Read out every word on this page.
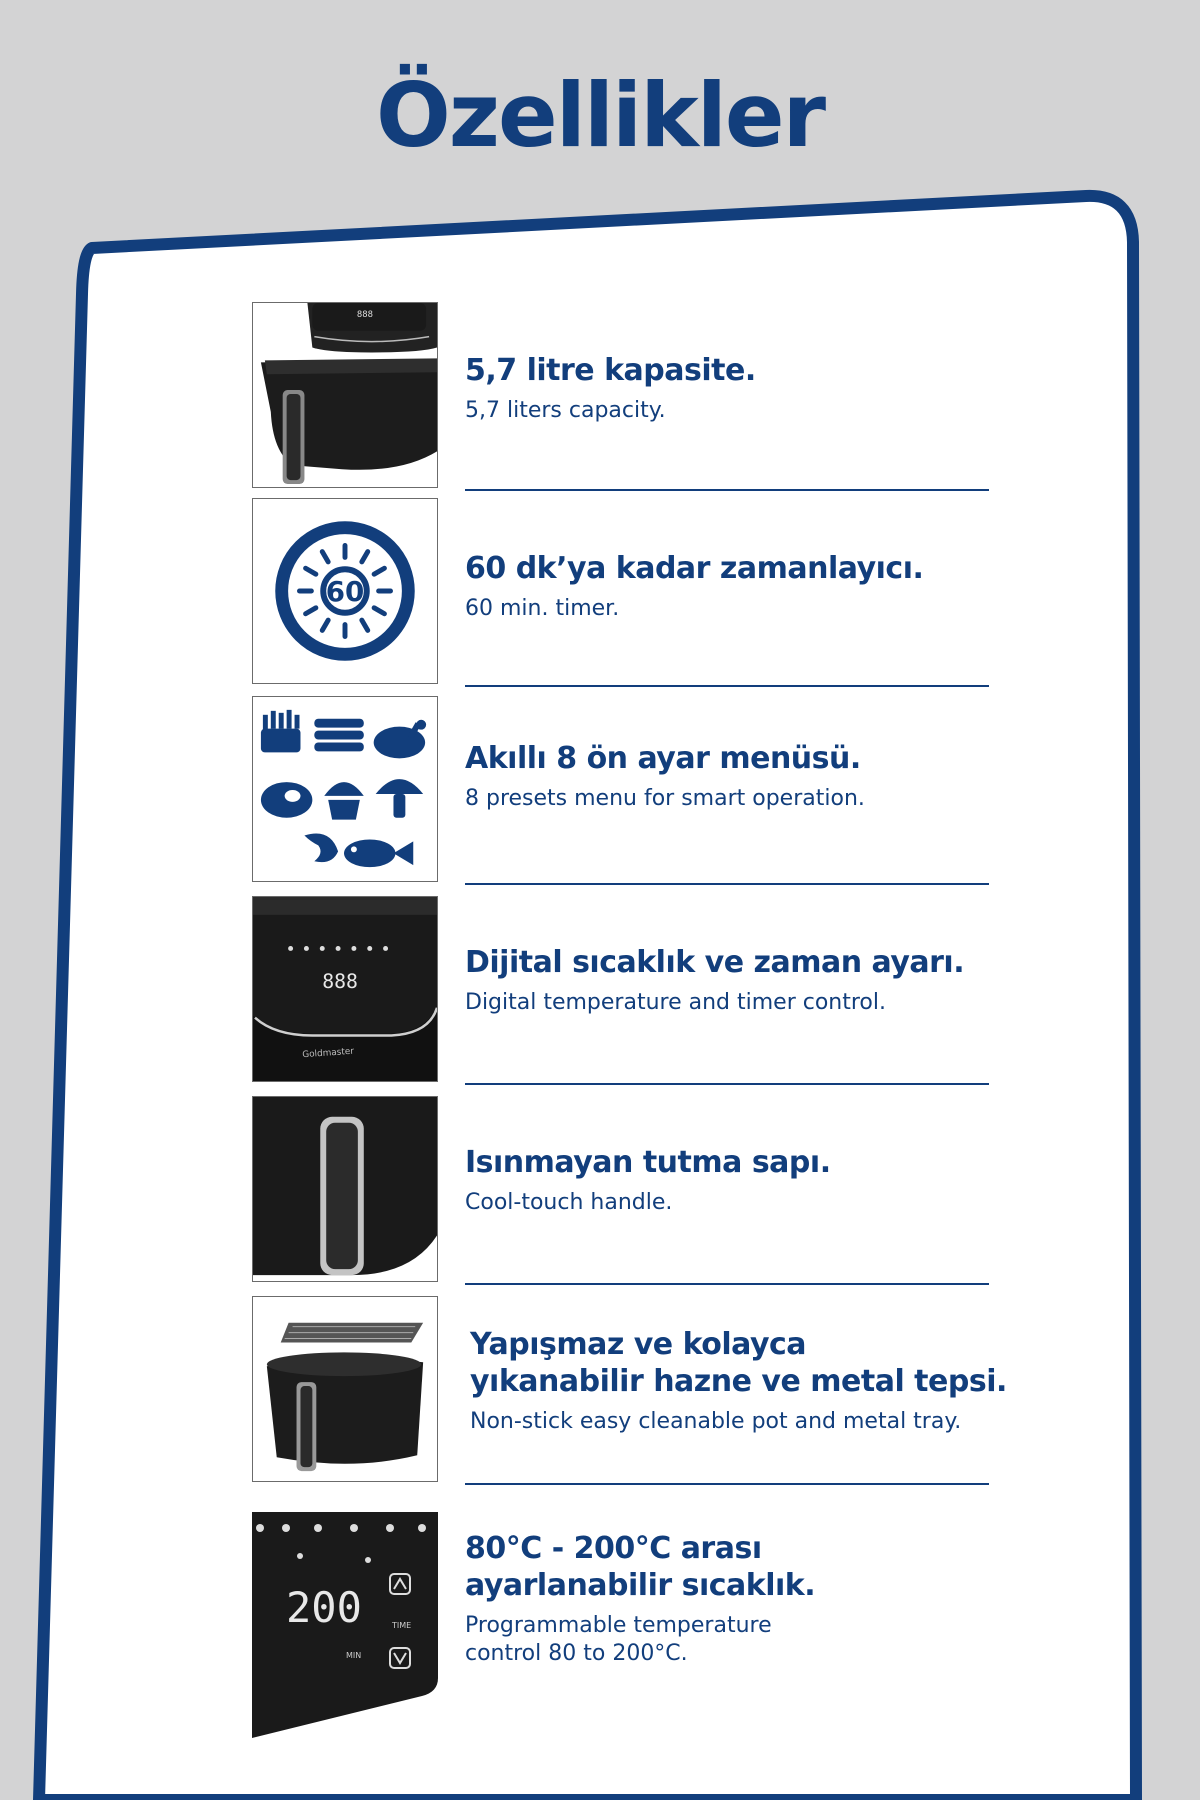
Özellikler
888
5,7 litre kapasite.
5,7 liters capacity.
60
60 dk’ya kadar zamanlayıcı.
60 min. timer.
Akıllı 8 ön ayar menüsü.
8 presets menu for smart operation.
888
Goldmaster
Dijital sıcaklık ve zaman ayarı.
Digital temperature and timer control.
Isınmayan tutma sapı.
Cool-touch handle.
Yapışmaz ve kolayca
yıkanabilir hazne ve metal tepsi.
Non-stick easy cleanable pot and metal tray.
200	TIME
MIN
80°C - 200°C arası
ayarlanabilir sıcaklık.
Programmable temperature
control 80 to 200°C.
